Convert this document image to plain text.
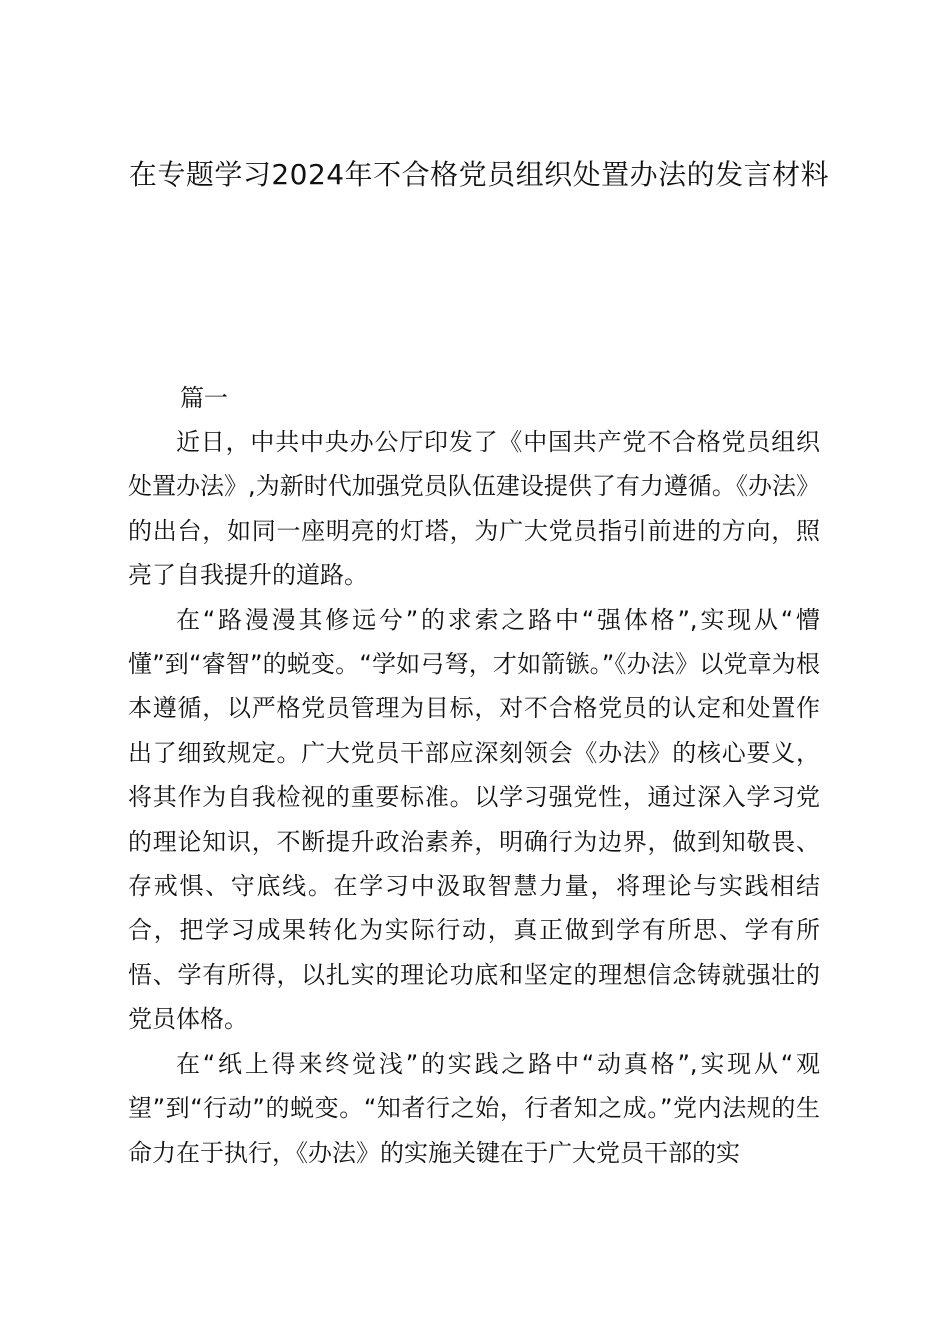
在专题学习2024年不合格党员组织处置办法的发言材料
篇一

近日，中共中央办公厅印发了《中国共产党不合格党员组织处置办法》,为新时代加强党员队伍建设提供了有力遵循。《办法》的出台，如同一座明亮的灯塔，为广大党员指引前进的方向，照亮了自我提升的道路。

在“路漫漫其修远兮”的求索之路中“强体格”,实现从“懵懂”到“睿智”的蜕变。“学如弓弩，才如箭镞。”《办法》以党章为根本遵循，以严格党员管理为目标，对不合格党员的认定和处置作出了细致规定。广大党员干部应深刻领会《办法》的核心要义，将其作为自我检视的重要标准。以学习强党性，通过深入学习党的理论知识，不断提升政治素养，明确行为边界，做到知敬畏、存戒惧、守底线。在学习中汲取智慧力量，将理论与实践相结合，把学习成果转化为实际行动，真正做到学有所思、学有所悟、学有所得，以扎实的理论功底和坚定的理想信念铸就强壮的党员体格。

在“纸上得来终觉浅”的实践之路中“动真格”,实现从“观望”到“行动”的蜕变。“知者行之始，行者知之成。”党内法规的生命力在于执行，《办法》的实施关键在于广大党员干部的实
